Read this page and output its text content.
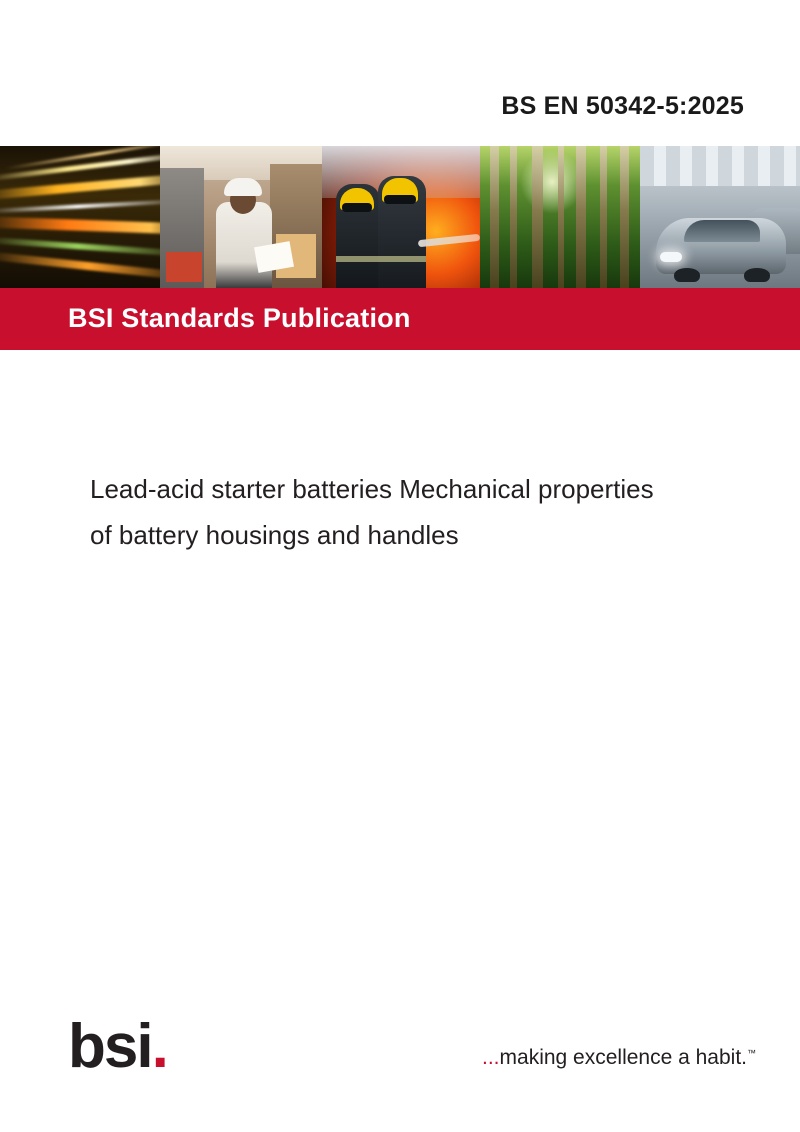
BS EN 50342-5:2025
BSI Standards Publication
Lead-acid starter batteries Mechanical properties
of battery housings and handles
bsi.	...making excellence a habit.™
